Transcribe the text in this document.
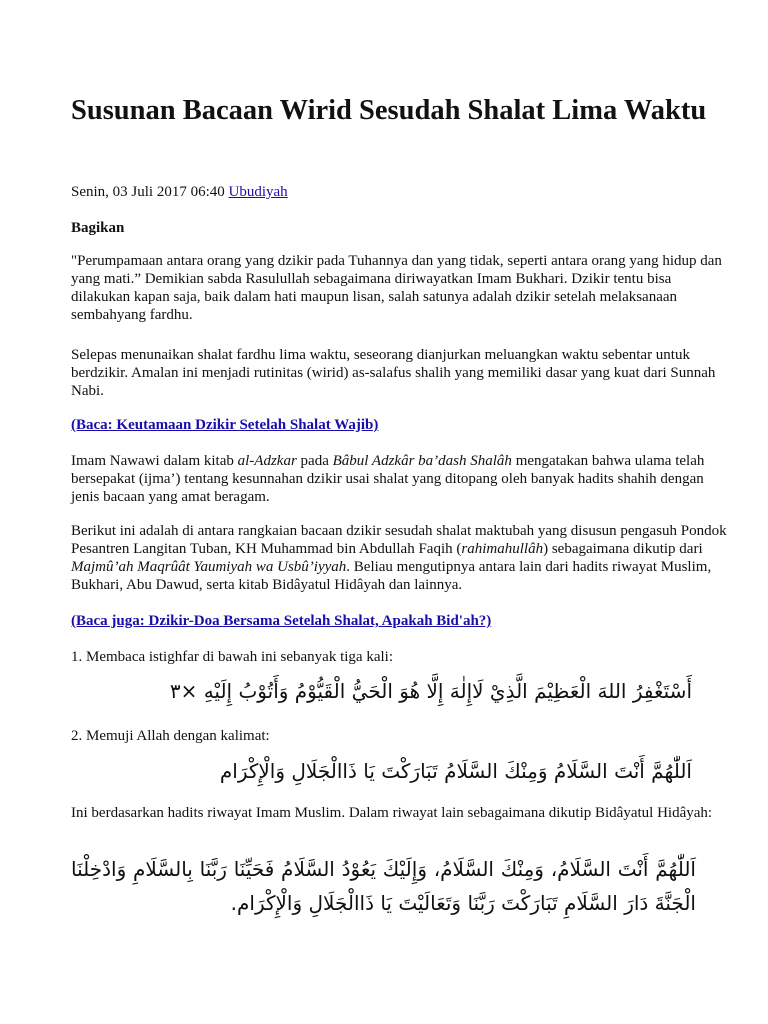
Susunan Bacaan Wirid Sesudah Shalat Lima Waktu
Senin, 03 Juli 2017 06:40 Ubudiyah
Bagikan

"Perumpamaan antara orang yang dzikir pada Tuhannya dan yang tidak, seperti antara orang yang hidup dan yang mati.” Demikian sabda Rasulullah sebagaimana diriwayatkan Imam Bukhari. Dzikir tentu bisa dilakukan kapan saja, baik dalam hati maupun lisan, salah satunya adalah dzikir setelah melaksanaan sembahyang fardhu.

Selepas menunaikan shalat fardhu lima waktu, seseorang dianjurkan meluangkan waktu sebentar untuk berdzikir. Amalan ini menjadi rutinitas (wirid) as-salafus shalih yang memiliki dasar yang kuat dari Sunnah Nabi.

(Baca: Keutamaan Dzikir Setelah Shalat Wajib)

Imam Nawawi dalam kitab al-Adzkar pada Bâbul Adzkâr ba’dash Shalâh mengatakan bahwa ulama telah bersepakat (ijma’) tentang kesunnahan dzikir usai shalat yang ditopang oleh banyak hadits shahih dengan jenis bacaan yang amat beragam.

Berikut ini adalah di antara rangkaian bacaan dzikir sesudah shalat maktubah yang disusun pengasuh Pondok Pesantren Langitan Tuban, KH Muhammad bin Abdullah Faqih (rahimahullâh) sebagaimana dikutip dari Majmû’ah Maqrûât Yaumiyah wa Usbû’iyyah. Beliau mengutipnya antara lain dari hadits riwayat Muslim, Bukhari, Abu Dawud, serta kitab Bidâyatul Hidâyah dan lainnya.

(Baca juga: Dzikir-Doa Bersama Setelah Shalat, Apakah Bid'ah?)

1. Membaca istighfar di bawah ini sebanyak tiga kali:

أَسْتَغْفِرُ اللهَ الْعَظِيْمَ الَّذِيْ لَاإِلٰهَ إِلَّا هُوَ الْحَيُّ الْقَيُّوْمُ وَأَتُوْبُ إِلَيْهِ ×٣

2. Memuji Allah dengan kalimat:

اَللّٰهُمَّ أَنْتَ السَّلَامُ وَمِنْكَ السَّلَامُ تَبَارَكْتَ يَا ذَاالْجَلَالِ وَالْإِكْرَام

Ini berdasarkan hadits riwayat Imam Muslim. Dalam riwayat lain sebagaimana dikutip Bidâyatul Hidâyah:

اَللّٰهُمَّ أَنْتَ السَّلَامُ، وَمِنْكَ السَّلَامُ، وَإِلَيْكَ يَعُوْدُ السَّلَامُ فَحَيِّنَا رَبَّنَا بِالسَّلَامِ وَادْخِلْنَا الْجَنَّةَ دَارَ السَّلَامِ تَبَارَكْتَ رَبَّنَا وَتَعَالَيْتَ يَا ذَاالْجَلَالِ وَالْإِكْرَام.
